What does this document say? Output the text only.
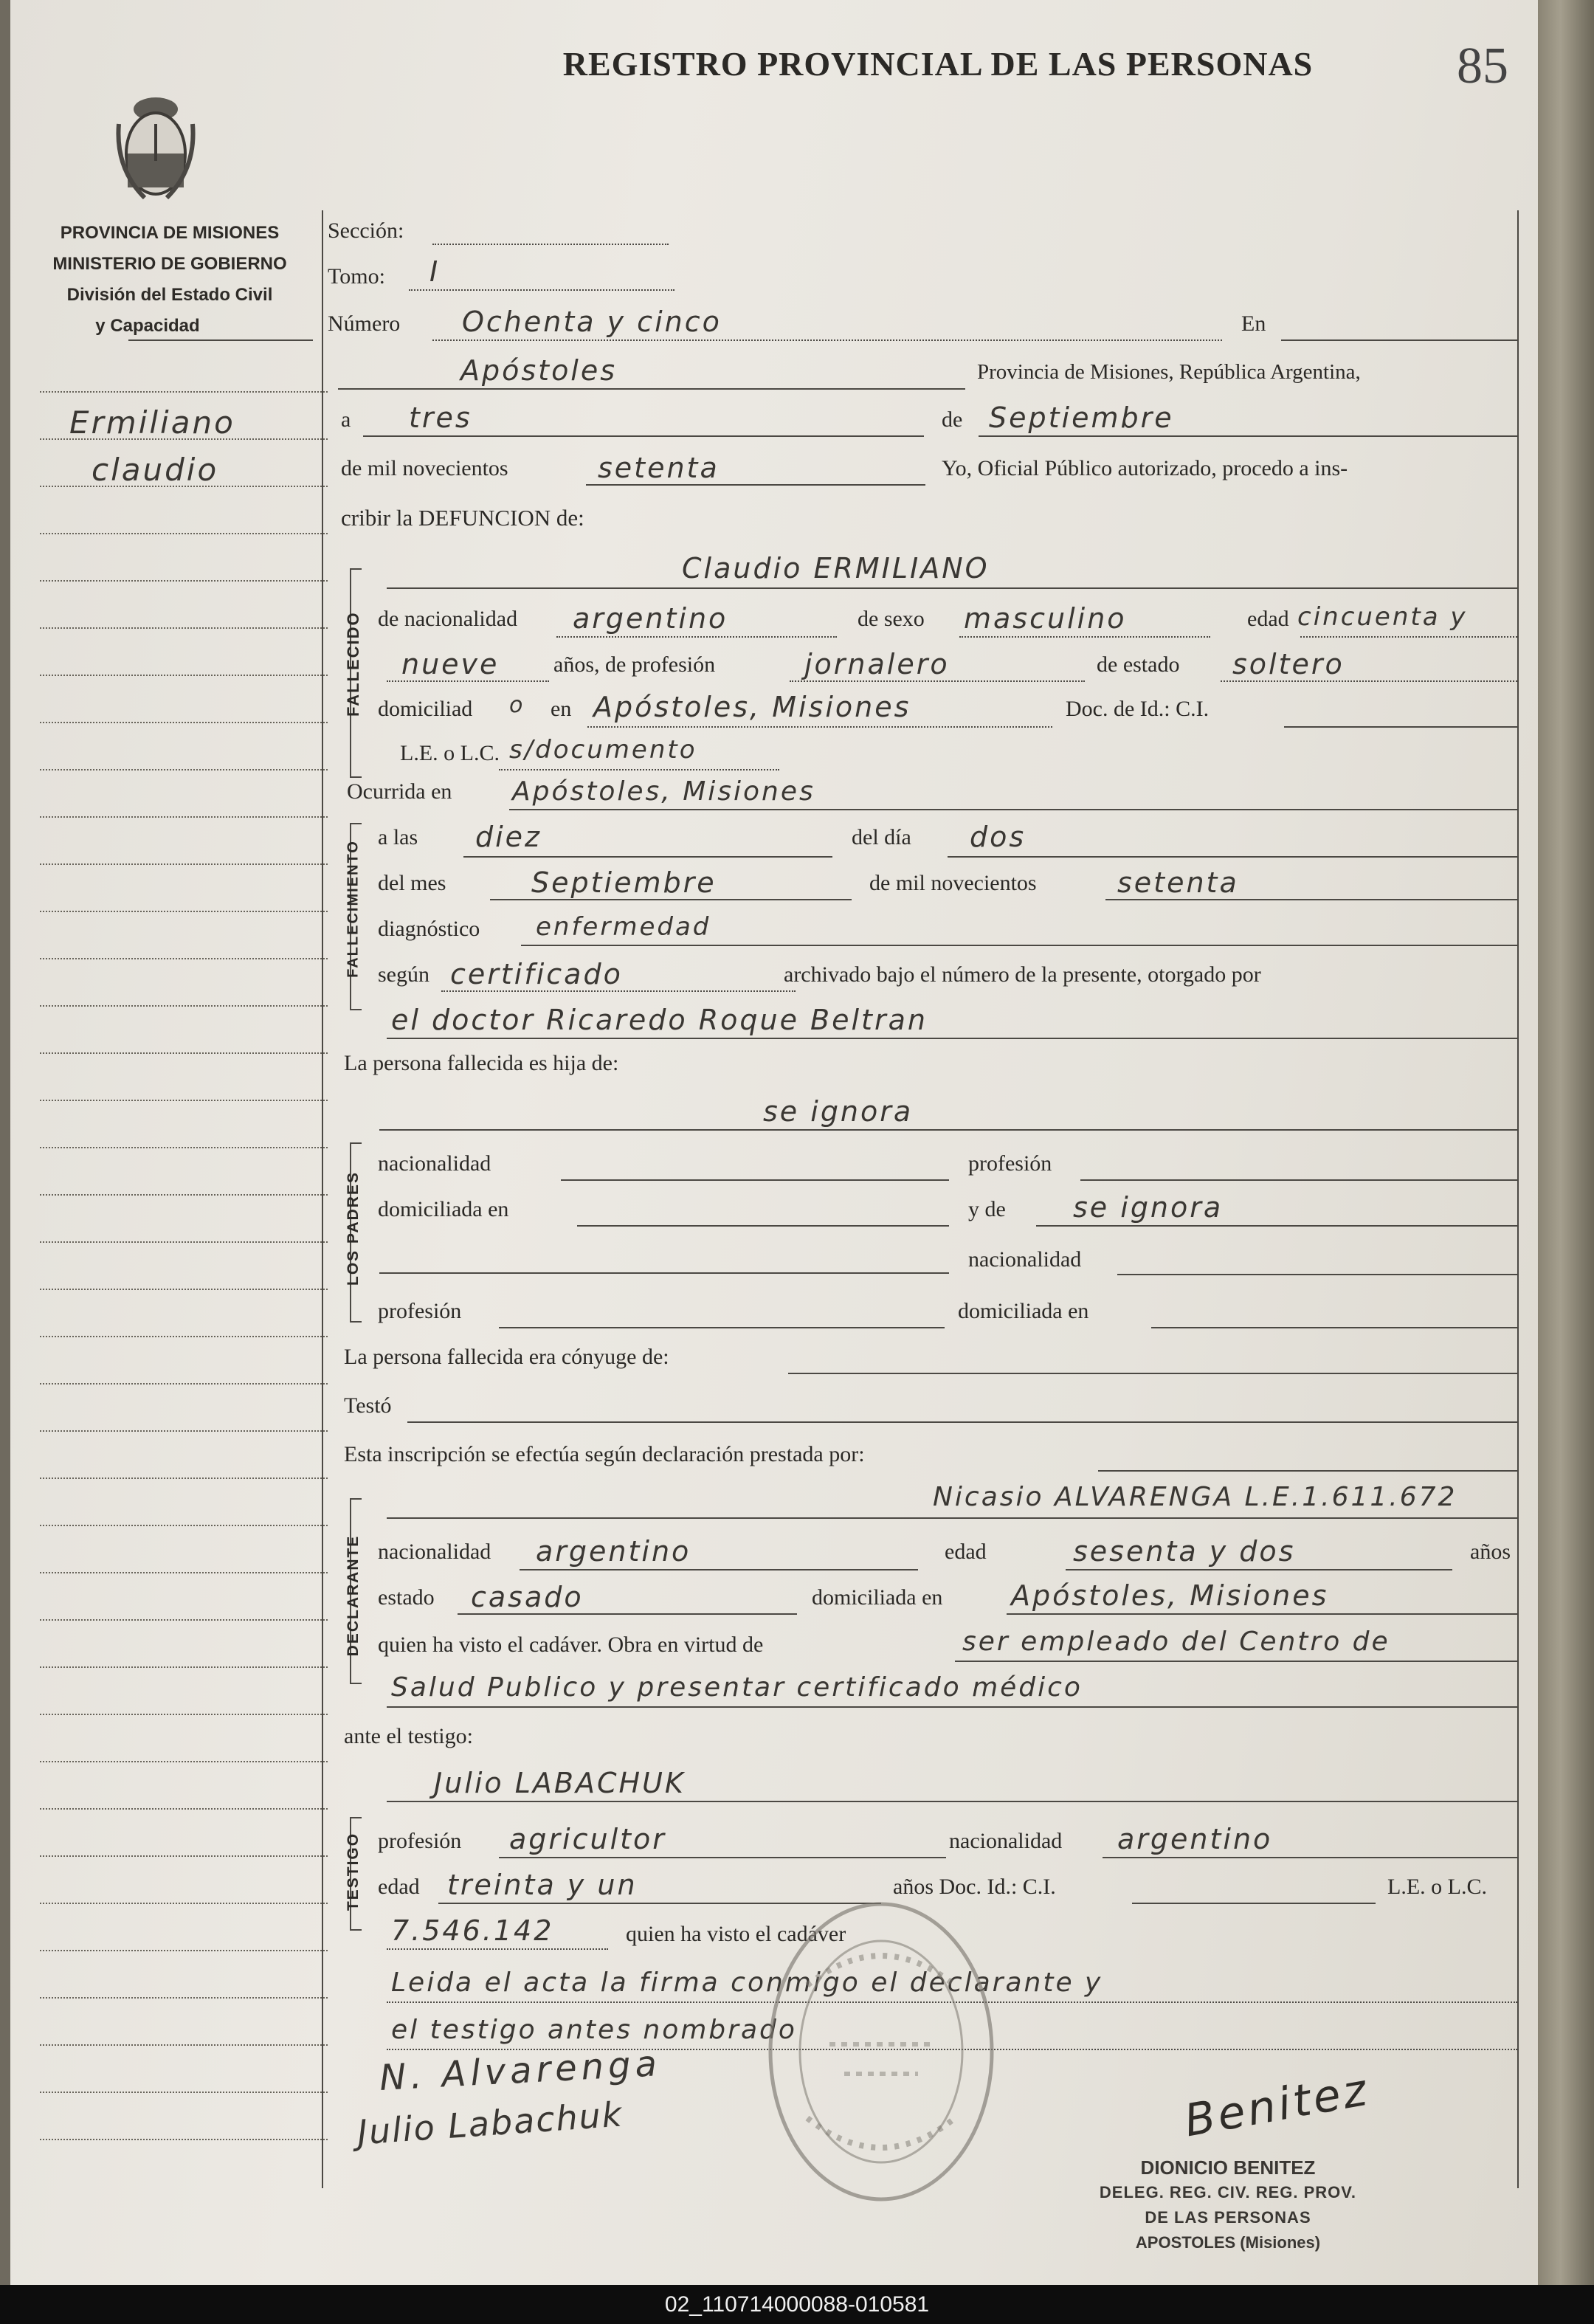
REGISTRO PROVINCIAL DE LAS PERSONAS	85
PROVINCIA DE MISIONES
MINISTERIO DE GOBIERNO
División del Estado Civil
y Capacidad
Ermiliano
claudio
Sección:
Tomo: I
Número Ochenta y cinco	En
Apóstoles	Provincia de Misiones, República Argentina,
a tres	de Septiembre
de mil novecientos	setenta	Yo, Oficial Público autorizado, procedo a ins-
cribir la DEFUNCION de:
FALLECIDO
Claudio ERMILIANO
de nacionalidad argentino	de sexo masculino	edad cincuenta y
nueve años, de profesión	jornalero	de estado soltero
domiciliad o en Apóstoles, Misiones	Doc. de Id.: C.I.
L.E. o L.C. s/documento
Ocurrida en Apóstoles, Misiones
FALLECIMIENTO
a las diez	del día dos
del mes	Septiembre	de mil novecientos	setenta
diagnóstico enfermedad
según certificado	archivado bajo el número de la presente, otorgado por
el doctor Ricaredo Roque Beltran
La persona fallecida es hija de:
se ignora
LOS PADRES
nacionalidad	profesión
domiciliada en	y de se ignora
nacionalidad
profesión	domiciliada en
La persona fallecida era cónyuge de:
Testó
Esta inscripción se efectúa según declaración prestada por:
Nicasio ALVARENGA L.E.1.611.672
DECLARANTE nacionalidad argentino	edad	sesenta y dos	años
estado casado	domiciliada en Apóstoles, Misiones
quien ha visto el cadáver. Obra en virtud de	ser empleado del Centro de
Salud Publico y presentar certificado médico
ante el testigo:
Julio LABACHUK
TESTIGO profesión agricultor	nacionalidad argentino
edad treinta y un	años Doc. Id.: C.I.	L.E. o L.C.
7.546.142	quien ha visto el cadáver
Leida el acta la firma conmigo el declarante y
el testigo antes nombrado
N. Alvarenga
Julio Labachuk	Benitez
DIONICIO BENITEZ
DELEG. REG. CIV. REG. PROV.
DE LAS PERSONAS
APOSTOLES (Misiones)
02_110714000088-010581
